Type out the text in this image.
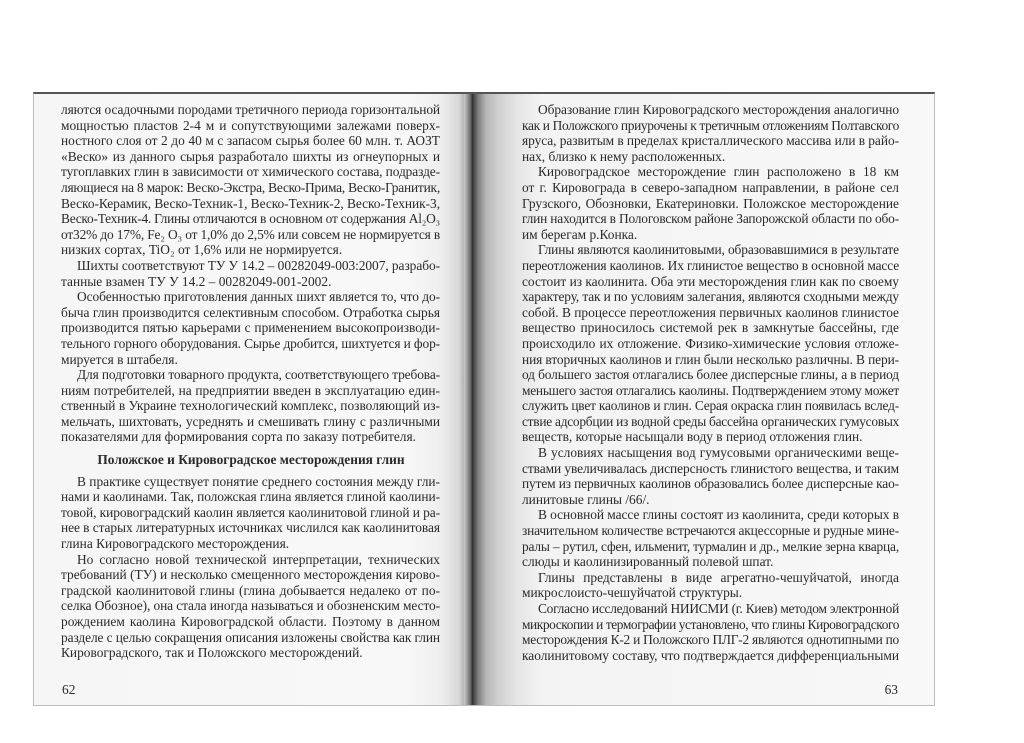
ляются осадочными породами третичного периода горизонтальной
мощностью пластов 2-4 м и сопутствующими залежами поверх-
ностного слоя от 2 до 40 м с запасом сырья более 60 млн. т. АОЗТ
«Веско» из данного сырья разработало шихты из огнеупорных и
тугоплавких глин в зависимости от химического состава, подразде-
ляющиеся на 8 марок: Веско-Экстра, Веско-Прима, Веско-Гранитик,
Веско-Керамик, Веско-Техник-1, Веско-Техник-2, Веско-Техник-3,
Веско-Техник-4. Глины отличаются в основном от содержания Al₂O₃
от32% до 17%, Fe₂ O₃ от 1,0% до 2,5% или совсем не нормируется в
низких сортах, TiO₂ от 1,6% или не нормируется.
Шихты соответствуют ТУ У 14.2 – 00282049-003:2007, разрабо-
танные взамен ТУ У 14.2 – 00282049-001-2002.
Особенностью приготовления данных шихт является то, что до-
быча глин производится селективным способом. Отработка сырья
производится пятью карьерами с применением высокопроизводи-
тельного горного оборудования. Сырье дробится, шихтуется и фор-
мируется в штабеля.
Для подготовки товарного продукта, соответствующего требова-
ниям потребителей, на предприятии введен в эксплуатацию един-
ственный в Украине технологический комплекс, позволяющий из-
мельчать, шихтовать, усреднять и смешивать глину с различными
показателями для формирования сорта по заказу потребителя.
Положское и Кировоградское месторождения глин
В практике существует понятие среднего состояния между гли-
нами и каолинами. Так, положская глина является глиной каолини-
товой, кировоградский каолин является каолинитовой глиной и ра-
нее в старых литературных источниках числился как каолинитовая
глина Кировоградского месторождения.
Но согласно новой технической интерпретации, технических
требований (ТУ) и несколько смещенного месторождения кирово-
градской каолинитовой глины (глина добывается недалеко от по-
селка Обозное), она стала иногда называться и обозненским место-
рождением каолина Кировоградской области. Поэтому в данном
разделе с целью сокращения описания изложены свойства как глин
Кировоградского, так и Положского месторождений.
62
Образование глин Кировоградского месторождения аналогично
как и Положского приурочены к третичным отложениям Полтавского
яруса, развитым в пределах кристаллического массива или в райо-
нах, близко к нему расположенных.
Кировоградское месторождение глин расположено в 18 км
от г. Кировограда в северо-западном направлении, в районе сел
Грузского, Обозновки, Екатериновки. Положское месторождение
глин находится в Пологовском районе Запорожской области по обо-
им берегам р.Конка.
Глины являются каолинитовыми, образовавшимися в результате
переотложения каолинов. Их глинистое вещество в основной массе
состоит из каолинита. Оба эти месторождения глин как по своему
характеру, так и по условиям залегания, являются сходными между
собой. В процессе переотложения первичных каолинов глинистое
вещество приносилось системой рек в замкнутые бассейны, где
происходило их отложение. Физико-химические условия отложе-
ния вторичных каолинов и глин были несколько различны. В пери-
од большего застоя отлагались более дисперсные глины, а в период
меньшего застоя отлагались каолины. Подтверждением этому может
служить цвет каолинов и глин. Серая окраска глин появилась вслед-
ствие адсорбции из водной среды бассейна органических гумусовых
веществ, которые насыщали воду в период отложения глин.
В условиях насыщения вод гумусовыми органическими веще-
ствами увеличивалась дисперсность глинистого вещества, и таким
путем из первичных каолинов образовались более дисперсные као-
линитовые глины /66/.
В основной массе глины состоят из каолинита, среди которых в
значительном количестве встречаются акцессорные и рудные мине-
ралы – рутил, сфен, ильменит, турмалин и др., мелкие зерна кварца,
слюды и каолинизированный полевой шпат.
Глины представлены в виде агрегатно-чешуйчатой, иногда
микрослоисто-чешуйчатой структуры.
Согласно исследований НИИСМИ (г. Киев) методом электронной
микроскопии и термографии установлено, что глины Кировоградского
месторождения К-2 и Положского ПЛГ-2 являются однотипными по
каолинитовому составу, что подтверждается дифференциальными
63
